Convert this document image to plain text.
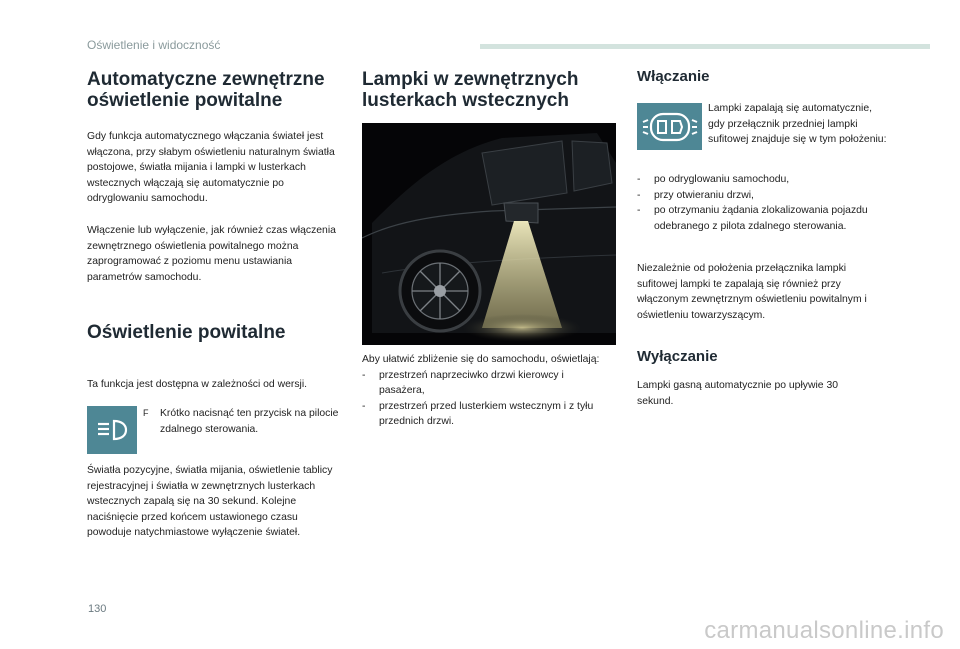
Oświetlenie i widoczność
Automatyczne zewnętrzne oświetlenie powitalne

Gdy funkcja automatycznego włączania świateł jest włączona, przy słabym oświetleniu naturalnym światła postojowe, światła mijania i lampki w lusterkach wstecznych włączają się automatycznie po odryglowaniu samochodu.

Włączenie lub wyłączenie, jak również czas włączenia zewnętrznego oświetlenia powitalnego można zaprogramować z poziomu menu ustawiania parametrów samochodu.

Oświetlenie powitalne

Ta funkcja jest dostępna w zależności od wersji.

F	Krótko nacisnąć ten przycisk na pilocie zdalnego sterowania.

Światła pozycyjne, światła mijania, oświetlenie tablicy rejestracyjnej i światła w zewnętrznych lusterkach wstecznych zapalą się na 30 sekund. Kolejne naciśnięcie przed końcem ustawionego czasu powoduje natychmiastowe wyłączenie świateł.

Lampki w zewnętrznych lusterkach wstecznych

Aby ułatwić zbliżenie się do samochodu, oświetlają:

- przestrzeń naprzeciwko drzwi kierowcy i pasażera,
- przestrzeń przed lusterkiem wstecznym i z tyłu przednich drzwi.
Włączanie

Lampki zapalają się automatycznie, gdy przełącznik przedniej lampki sufitowej znajduje się w tym położeniu:

- po odryglowaniu samochodu,
- przy otwieraniu drzwi,
- po otrzymaniu żądania zlokalizowania pojazdu odebranego z pilota zdalnego sterowania.

Niezależnie od położenia przełącznika lampki sufitowej lampki te zapalają się również przy włączonym zewnętrznym oświetleniu powitalnym i oświetleniu towarzyszącym.

Wyłączanie

Lampki gasną automatycznie po upływie 30 sekund.

130
carmanualsonline.info
